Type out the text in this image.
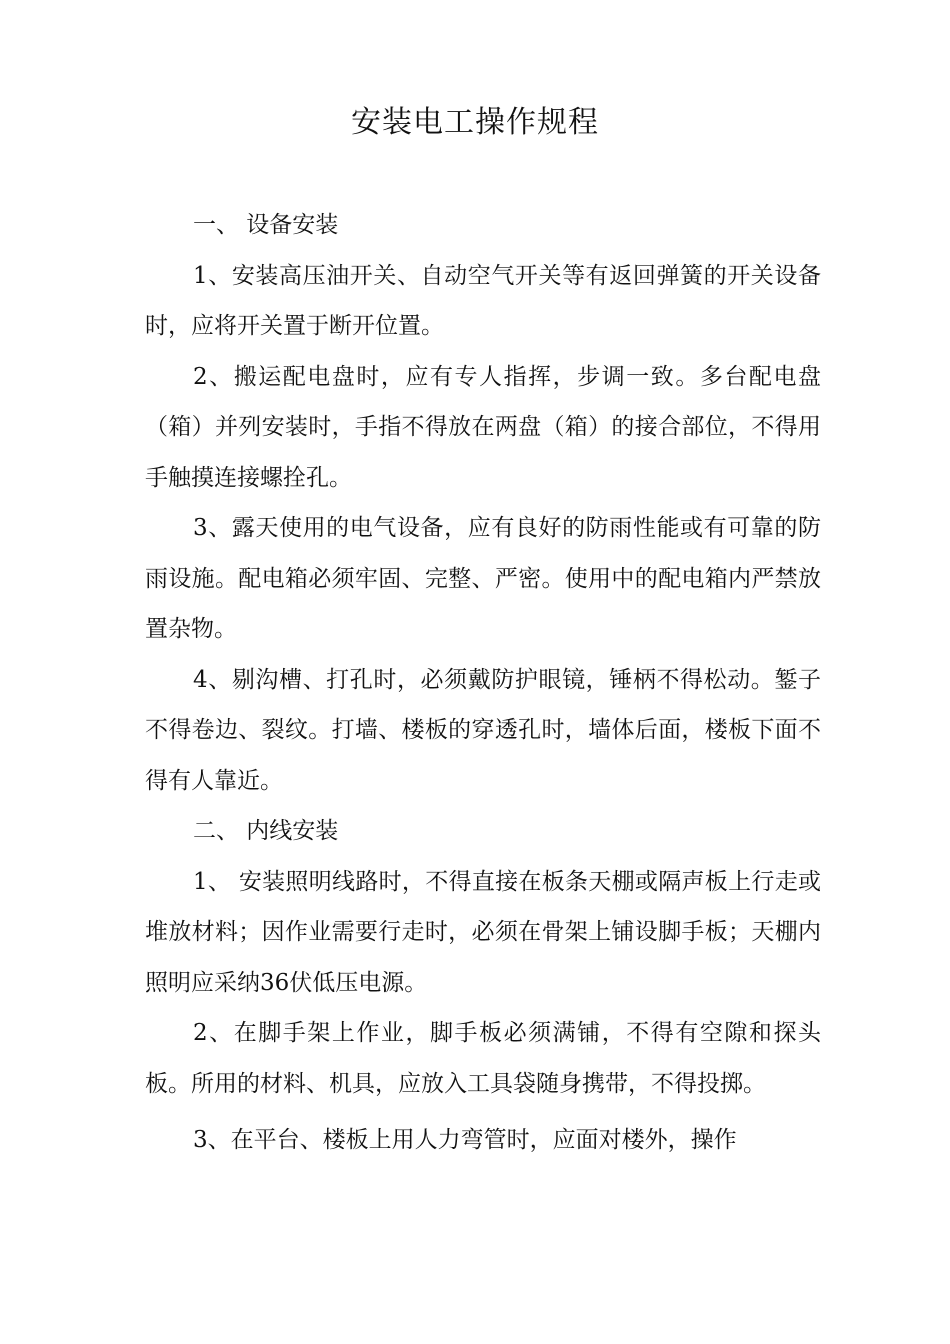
安装电工操作规程

一、 设备安装

1、安装高压油开关、自动空气开关等有返回弹簧的开关设备时，应将开关置于断开位置。

2、搬运配电盘时，应有专人指挥，步调一致。多台配电盘（箱）并列安装时，手指不得放在两盘（箱）的接合部位，不得用手触摸连接螺拴孔。

3、露天使用的电气设备，应有良好的防雨性能或有可靠的防雨设施。配电箱必须牢固、完整、严密。使用中的配电箱内严禁放置杂物。

4、剔沟槽、打孔时，必须戴防护眼镜，锤柄不得松动。錾子不得卷边、裂纹。打墙、楼板的穿透孔时，墙体后面，楼板下面不得有人靠近。

二、 内线安装

1、 安装照明线路时，不得直接在板条天棚或隔声板上行走或堆放材料；因作业需要行走时，必须在骨架上铺设脚手板；天棚内照明应采纳36伏低压电源。

2、在脚手架上作业，脚手板必须满铺，不得有空隙和探头板。所用的材料、机具，应放入工具袋随身携带，不得投掷。

3、在平台、楼板上用人力弯管时，应面对楼外，操作
